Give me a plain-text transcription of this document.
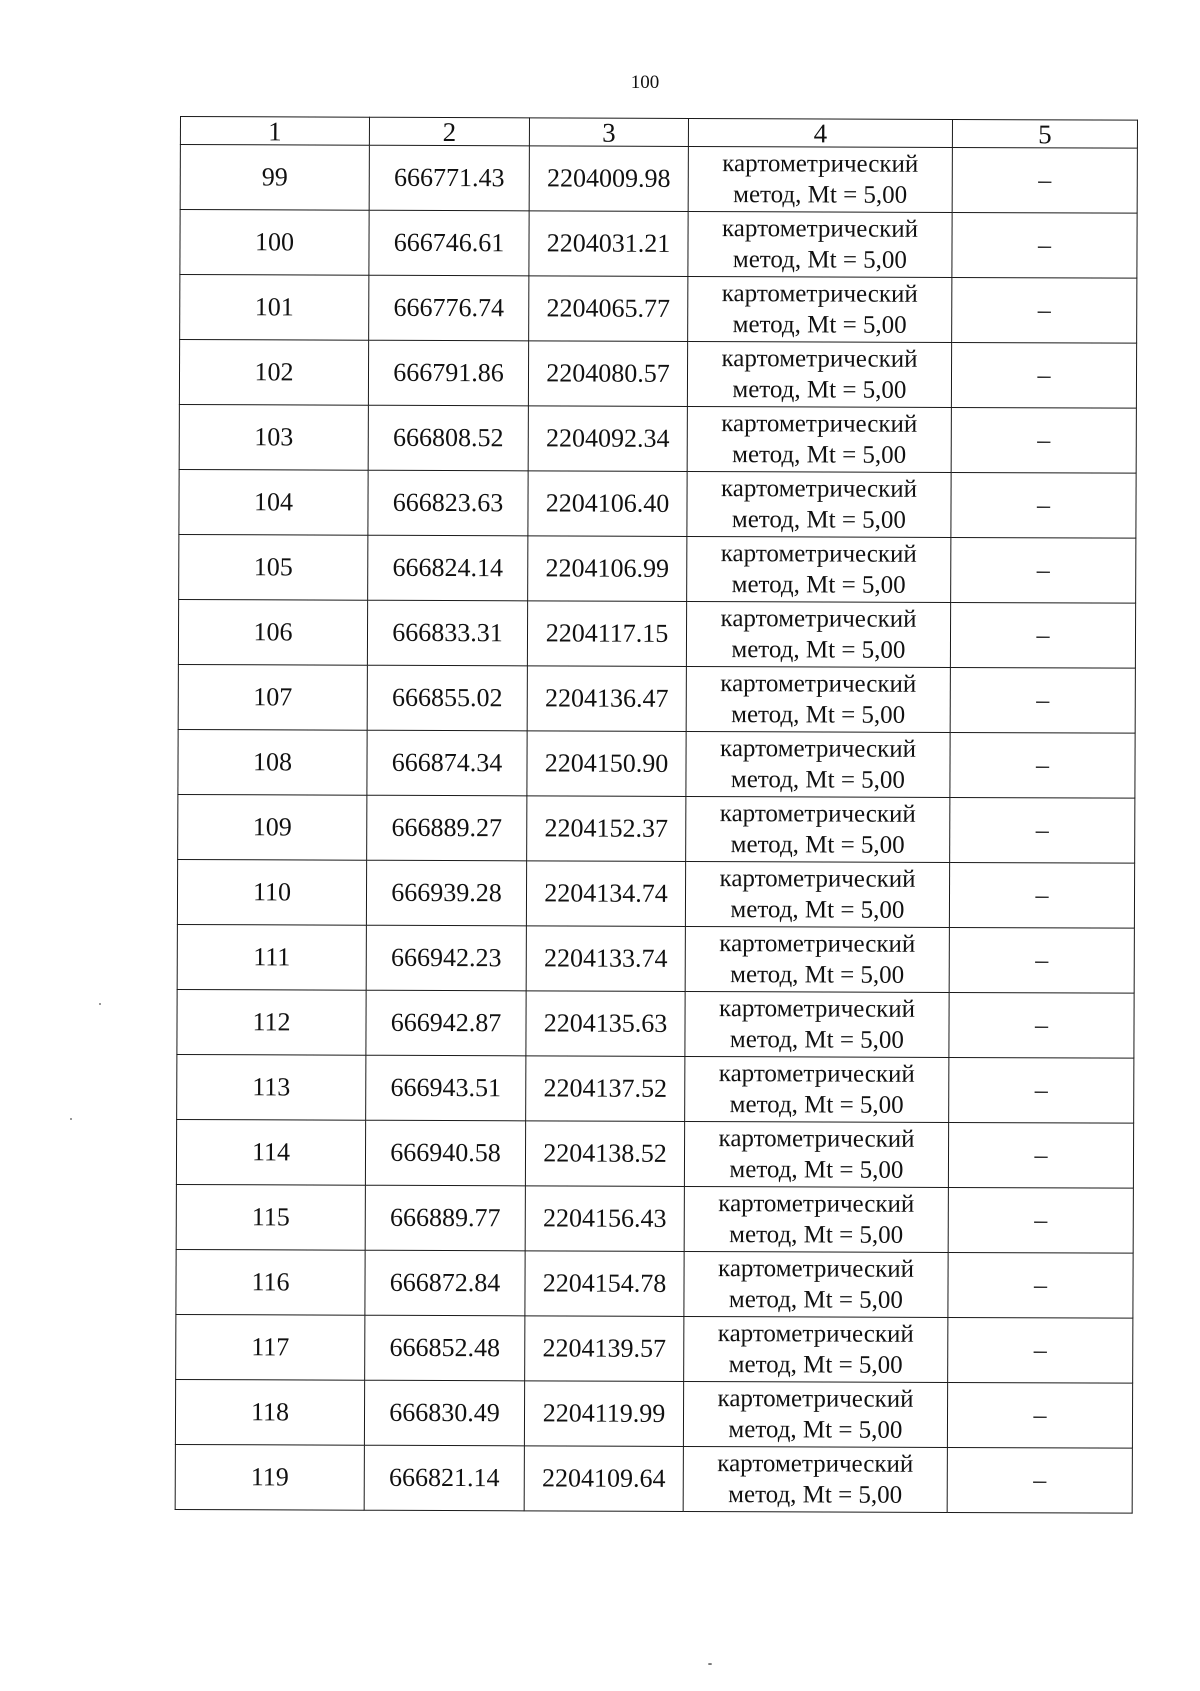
100
1	2	3	4	5
99	666771.43	2204009.98	картометрический
метод, Mt = 5,00	–
100	666746.61	2204031.21	картометрический
метод, Mt = 5,00	–
101	666776.74	2204065.77	картометрический
метод, Mt = 5,00	–
102	666791.86	2204080.57	картометрический
метод, Mt = 5,00	–
103	666808.52	2204092.34	картометрический
метод, Mt = 5,00	–
104	666823.63	2204106.40	картометрический
метод, Mt = 5,00	–
105	666824.14	2204106.99	картометрический
метод, Mt = 5,00	–
106	666833.31	2204117.15	картометрический
метод, Mt = 5,00	–
107	666855.02	2204136.47	картометрический
метод, Mt = 5,00	–
108	666874.34	2204150.90	картометрический
метод, Mt = 5,00	–
109	666889.27	2204152.37	картометрический
метод, Mt = 5,00	–
110	666939.28	2204134.74	картометрический
метод, Mt = 5,00	–
111	666942.23	2204133.74	картометрический
метод, Mt = 5,00	–
112	666942.87	2204135.63	картометрический
метод, Mt = 5,00	–
113	666943.51	2204137.52	картометрический
метод, Mt = 5,00	–
114	666940.58	2204138.52	картометрический
метод, Mt = 5,00	–
115	666889.77	2204156.43	картометрический
метод, Mt = 5,00	–
116	666872.84	2204154.78	картометрический
метод, Mt = 5,00	–
117	666852.48	2204139.57	картометрический
метод, Mt = 5,00	–
118	666830.49	2204119.99	картометрический
метод, Mt = 5,00	–
119	666821.14	2204109.64	картометрический
метод, Mt = 5,00	–
